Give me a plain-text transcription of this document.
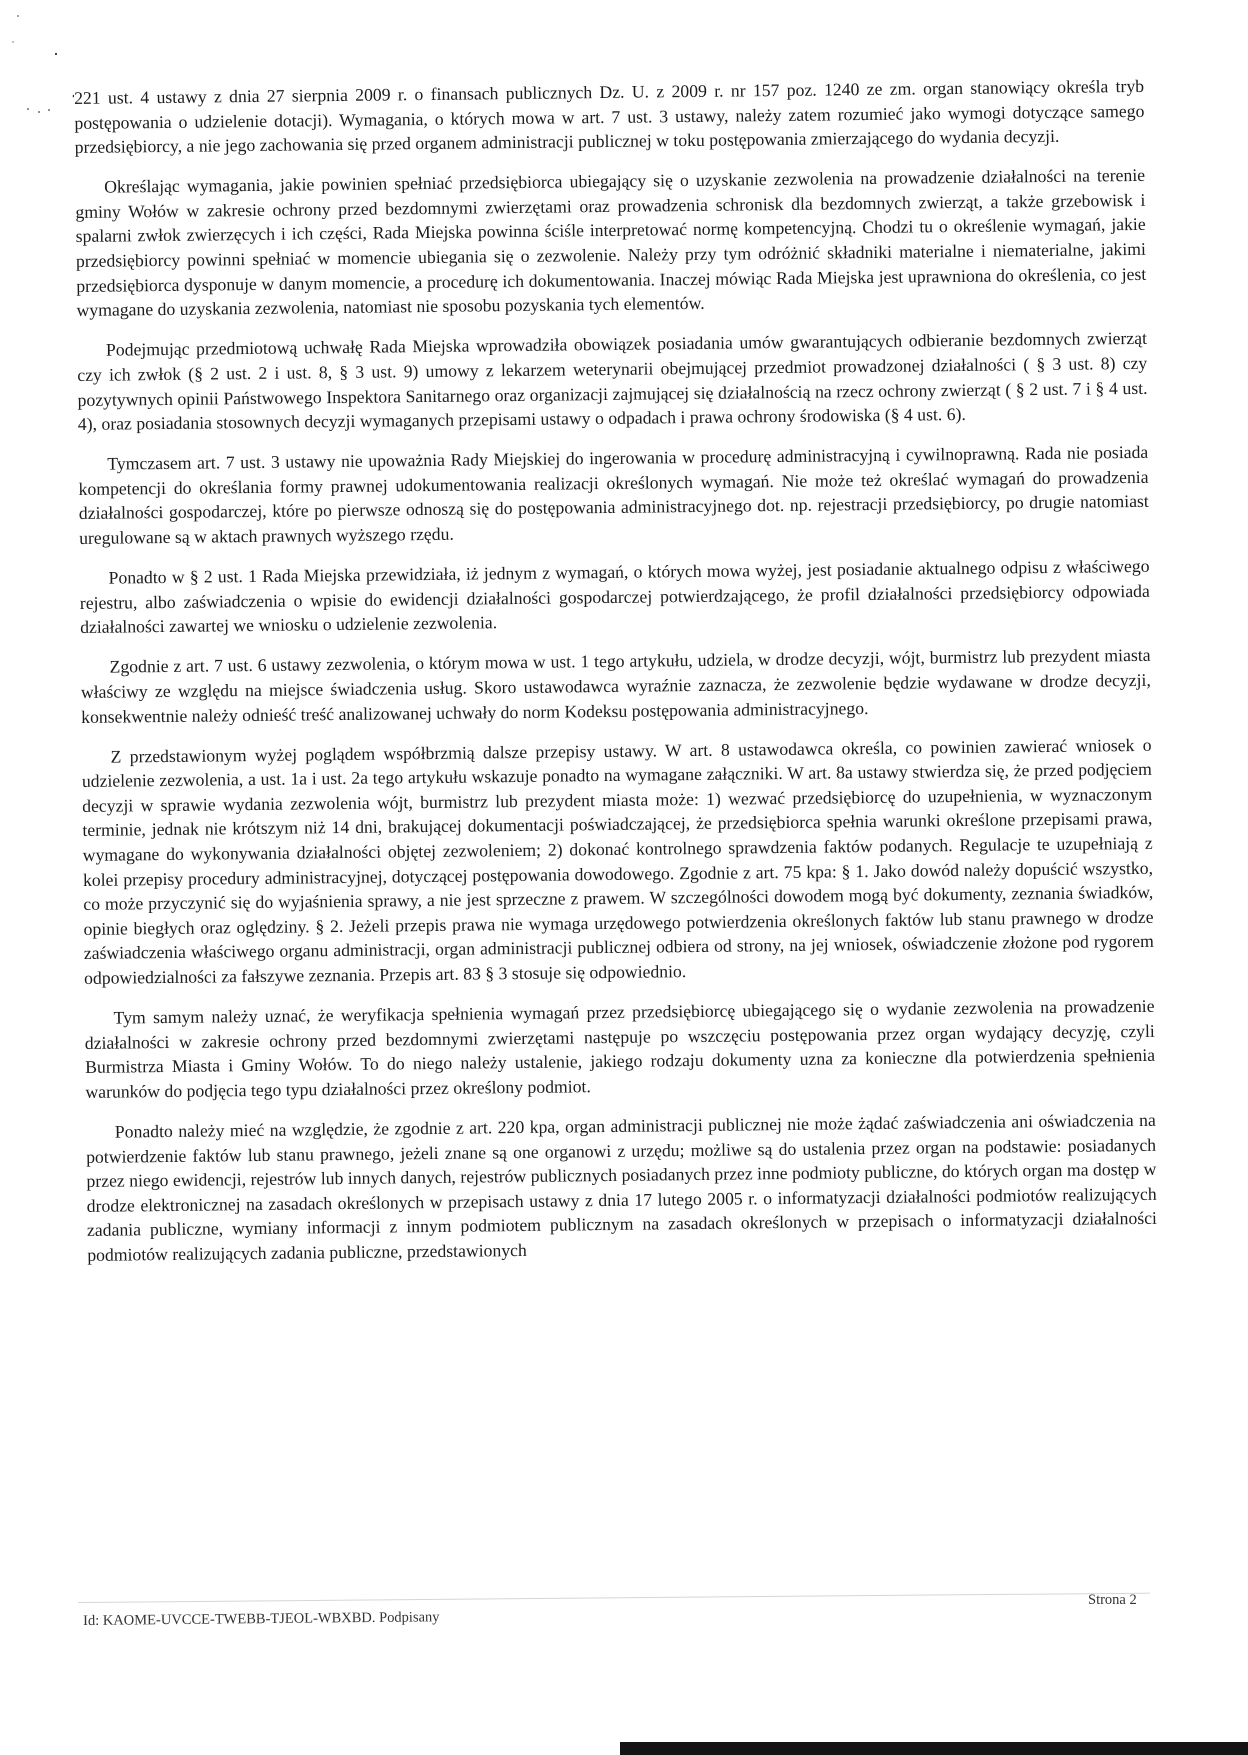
221 ust. 4 ustawy z dnia 27 sierpnia 2009 r. o finansach publicznych Dz. U. z 2009 r. nr 157 poz. 1240 ze zm. organ stanowiący określa tryb postępowania o udzielenie dotacji). Wymagania, o których mowa w art. 7 ust. 3 ustawy, należy zatem rozumieć jako wymogi dotyczące samego przedsiębiorcy, a nie jego zachowania się przed organem administracji publicznej w toku postępowania zmierzającego do wydania decyzji.

Określając wymagania, jakie powinien spełniać przedsiębiorca ubiegający się o uzyskanie zezwolenia na prowadzenie działalności na terenie gminy Wołów w zakresie ochrony przed bezdomnymi zwierzętami oraz prowadzenia schronisk dla bezdomnych zwierząt, a także grzebowisk i spalarni zwłok zwierzęcych i ich części, Rada Miejska powinna ściśle interpretować normę kompetencyjną. Chodzi tu o określenie wymagań, jakie przedsiębiorcy powinni spełniać w momencie ubiegania się o zezwolenie. Należy przy tym odróżnić składniki materialne i niematerialne, jakimi przedsiębiorca dysponuje w danym momencie, a procedurę ich dokumentowania. Inaczej mówiąc Rada Miejska jest uprawniona do określenia, co jest wymagane do uzyskania zezwolenia, natomiast nie sposobu pozyskania tych elementów.

Podejmując przedmiotową uchwałę Rada Miejska wprowadziła obowiązek posiadania umów gwarantujących odbieranie bezdomnych zwierząt czy ich zwłok (§ 2 ust. 2 i ust. 8, § 3 ust. 9) umowy z lekarzem weterynarii obejmującej przedmiot prowadzonej działalności ( § 3 ust. 8) czy pozytywnych opinii Państwowego Inspektora Sanitarnego oraz organizacji zajmującej się działalnością na rzecz ochrony zwierząt ( § 2 ust. 7 i § 4 ust. 4), oraz posiadania stosownych decyzji wymaganych przepisami ustawy o odpadach i prawa ochrony środowiska (§ 4 ust. 6).

Tymczasem art. 7 ust. 3 ustawy nie upoważnia Rady Miejskiej do ingerowania w procedurę administracyjną i cywilnoprawną. Rada nie posiada kompetencji do określania formy prawnej udokumentowania realizacji określonych wymagań. Nie może też określać wymagań do prowadzenia działalności gospodarczej, które po pierwsze odnoszą się do postępowania administracyjnego dot. np. rejestracji przedsiębiorcy, po drugie natomiast uregulowane są w aktach prawnych wyższego rzędu.

Ponadto w § 2 ust. 1 Rada Miejska przewidziała, iż jednym z wymagań, o których mowa wyżej, jest posiadanie aktualnego odpisu z właściwego rejestru, albo zaświadczenia o wpisie do ewidencji działalności gospodarczej potwierdzającego, że profil działalności przedsiębiorcy odpowiada działalności zawartej we wniosku o udzielenie zezwolenia.

Zgodnie z art. 7 ust. 6 ustawy zezwolenia, o którym mowa w ust. 1 tego artykułu, udziela, w drodze decyzji, wójt, burmistrz lub prezydent miasta właściwy ze względu na miejsce świadczenia usług. Skoro ustawodawca wyraźnie zaznacza, że zezwolenie będzie wydawane w drodze decyzji, konsekwentnie należy odnieść treść analizowanej uchwały do norm Kodeksu postępowania administracyjnego.

Z przedstawionym wyżej poglądem współbrzmią dalsze przepisy ustawy. W art. 8 ustawodawca określa, co powinien zawierać wniosek o udzielenie zezwolenia, a ust. 1a i ust. 2a tego artykułu wskazuje ponadto na wymagane załączniki. W art. 8a ustawy stwierdza się, że przed podjęciem decyzji w sprawie wydania zezwolenia wójt, burmistrz lub prezydent miasta może: 1) wezwać przedsiębiorcę do uzupełnienia, w wyznaczonym terminie, jednak nie krótszym niż 14 dni, brakującej dokumentacji poświadczającej, że przedsiębiorca spełnia warunki określone przepisami prawa, wymagane do wykonywania działalności objętej zezwoleniem; 2) dokonać kontrolnego sprawdzenia faktów podanych. Regulacje te uzupełniają z kolei przepisy procedury administracyjnej, dotyczącej postępowania dowodowego. Zgodnie z art. 75 kpa: § 1. Jako dowód należy dopuścić wszystko, co może przyczynić się do wyjaśnienia sprawy, a nie jest sprzeczne z prawem. W szczególności dowodem mogą być dokumenty, zeznania świadków, opinie biegłych oraz oględziny. § 2. Jeżeli przepis prawa nie wymaga urzędowego potwierdzenia określonych faktów lub stanu prawnego w drodze zaświadczenia właściwego organu administracji, organ administracji publicznej odbiera od strony, na jej wniosek, oświadczenie złożone pod rygorem odpowiedzialności za fałszywe zeznania. Przepis art. 83 § 3 stosuje się odpowiednio.

Tym samym należy uznać, że weryfikacja spełnienia wymagań przez przedsiębiorcę ubiegającego się o wydanie zezwolenia na prowadzenie działalności w zakresie ochrony przed bezdomnymi zwierzętami następuje po wszczęciu postępowania przez organ wydający decyzję, czyli Burmistrza Miasta i Gminy Wołów. To do niego należy ustalenie, jakiego rodzaju dokumenty uzna za konieczne dla potwierdzenia spełnienia warunków do podjęcia tego typu działalności przez określony podmiot.

Ponadto należy mieć na względzie, że zgodnie z art. 220 kpa, organ administracji publicznej nie może żądać zaświadczenia ani oświadczenia na potwierdzenie faktów lub stanu prawnego, jeżeli znane są one organowi z urzędu; możliwe są do ustalenia przez organ na podstawie: posiadanych przez niego ewidencji, rejestrów lub innych danych, rejestrów publicznych posiadanych przez inne podmioty publiczne, do których organ ma dostęp w drodze elektronicznej na zasadach określonych w przepisach ustawy z dnia 17 lutego 2005 r. o informatyzacji działalności podmiotów realizujących zadania publiczne, wymiany informacji z innym podmiotem publicznym na zasadach określonych w przepisach o informatyzacji działalności podmiotów realizujących zadania publiczne, przedstawionych

Strona 2
Id: KAOME-UVCCE-TWEBB-TJEOL-WBXBD. Podpisany
